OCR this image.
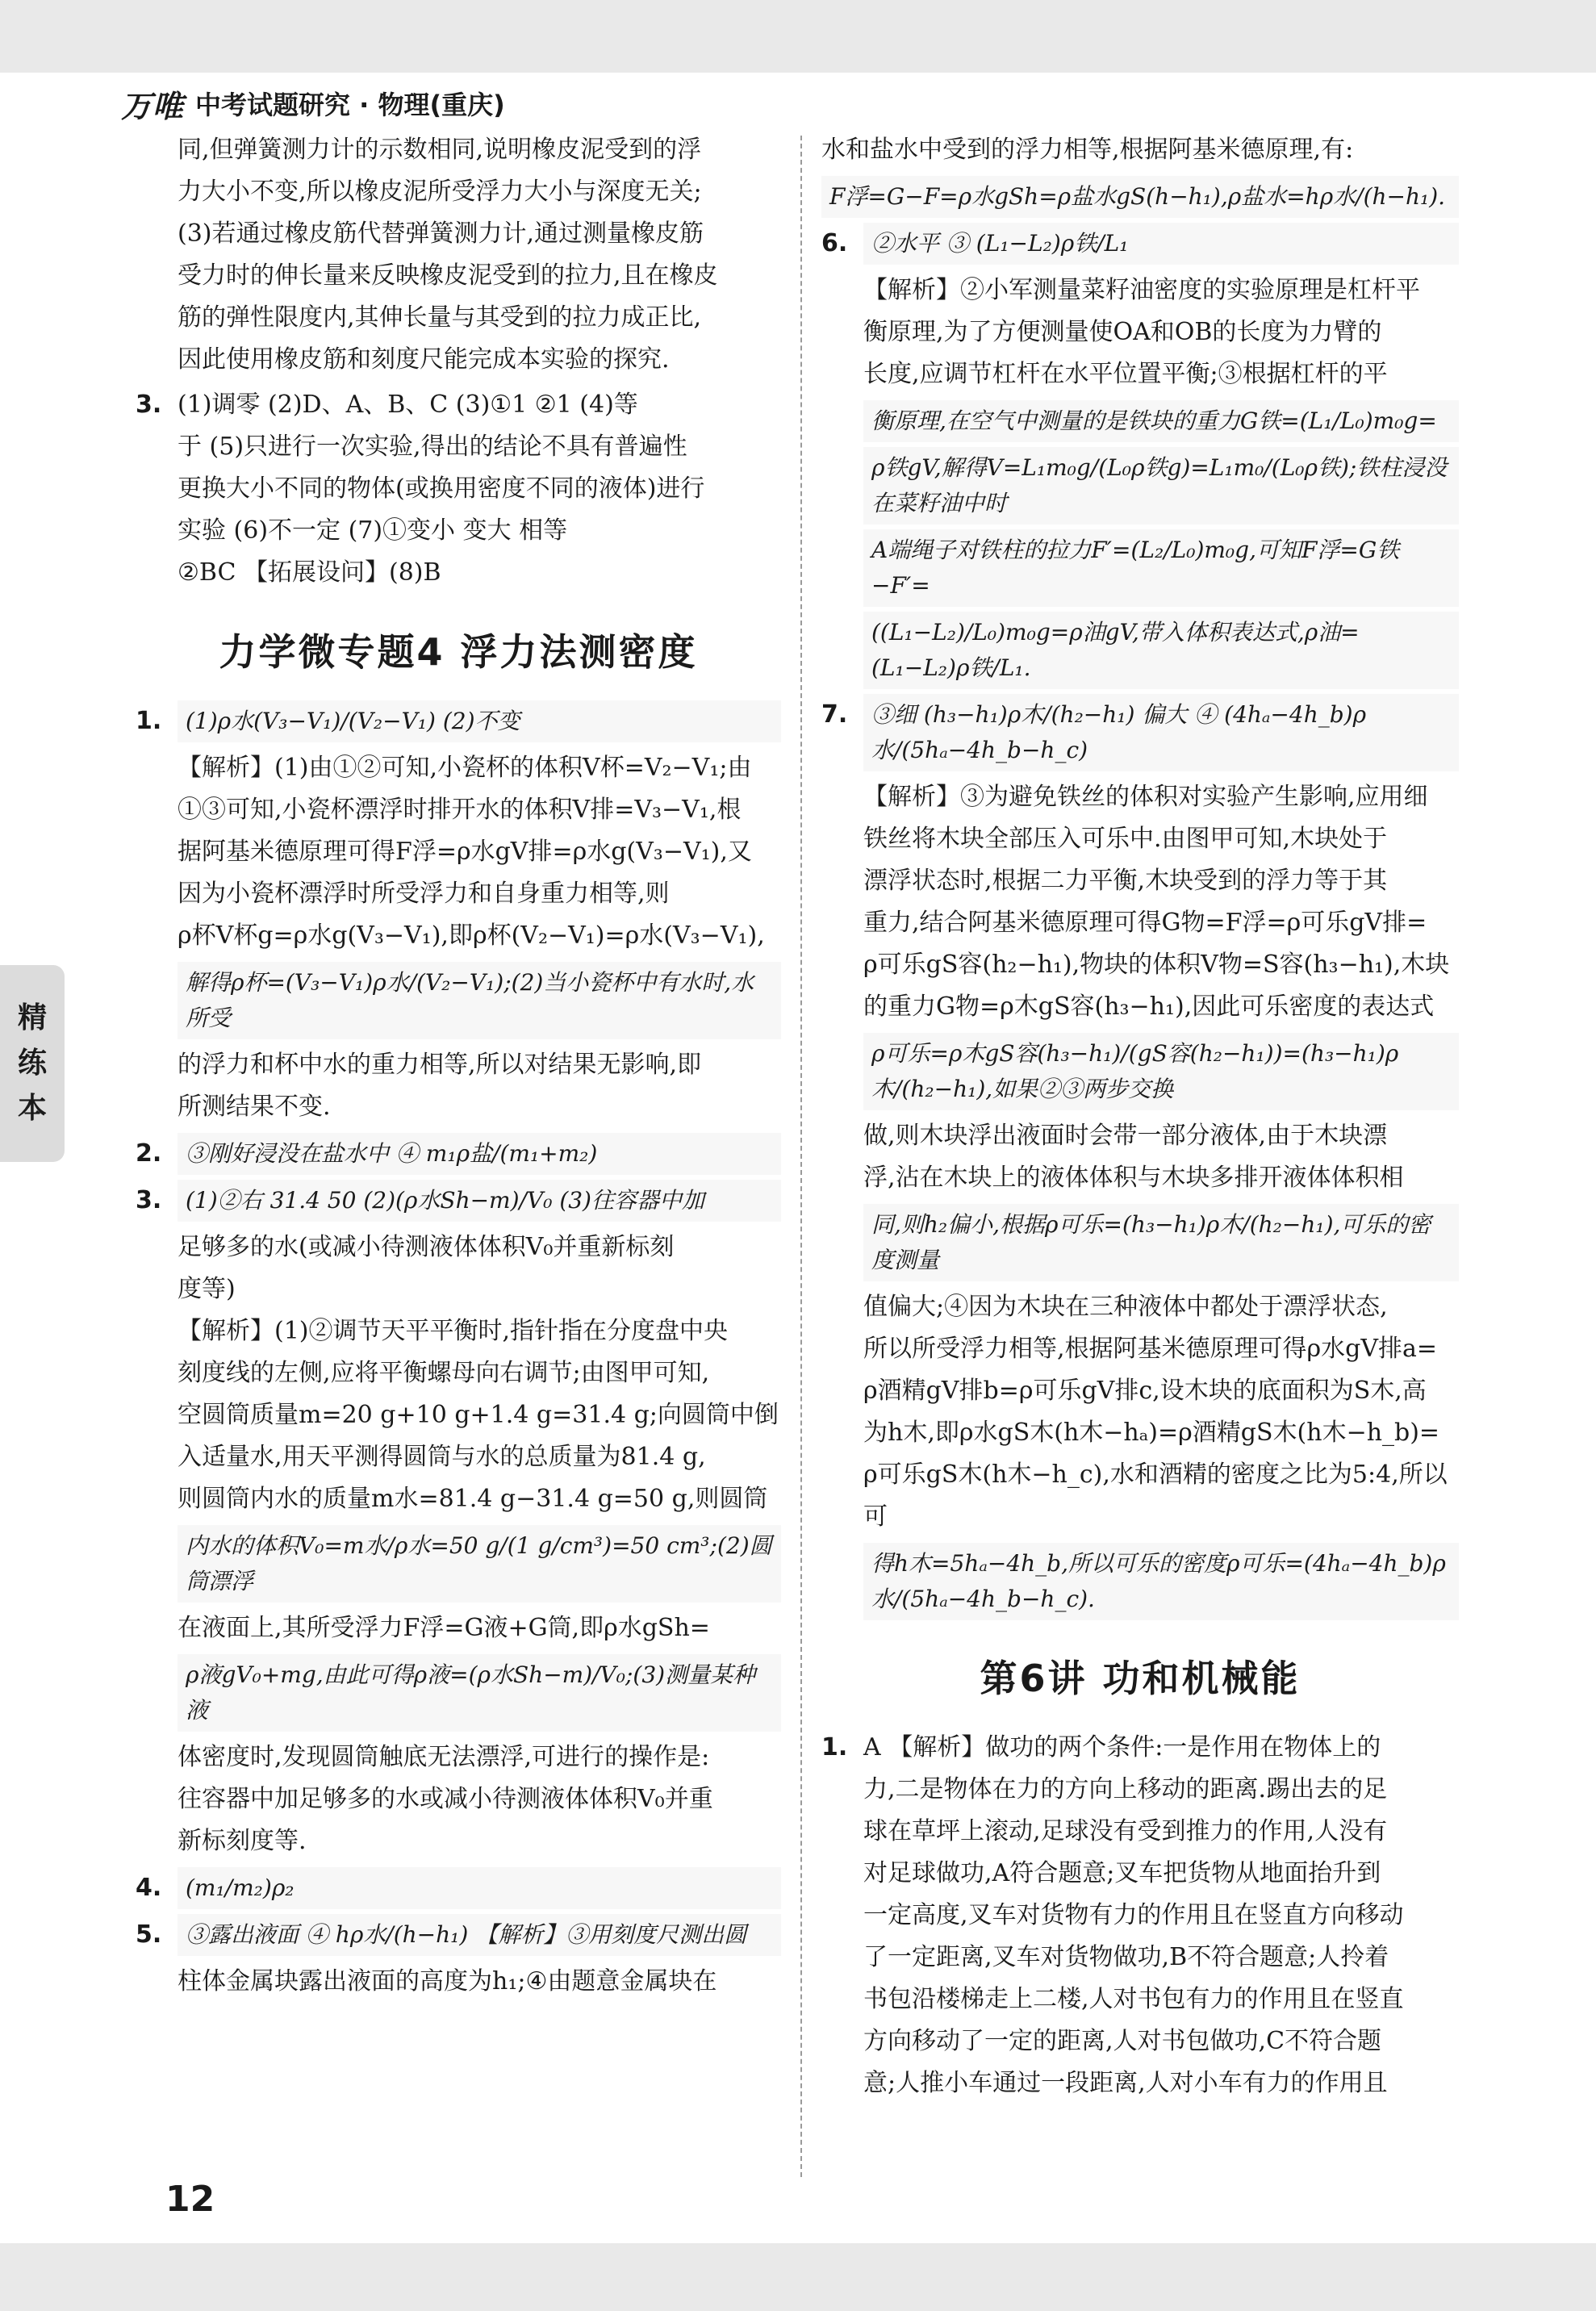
万唯 中考试题研究 · 物理(重庆)
精
练
本
同,但弹簧测力计的示数相同,说明橡皮泥受到的浮
力大小不变,所以橡皮泥所受浮力大小与深度无关;
(3)若通过橡皮筋代替弹簧测力计,通过测量橡皮筋
受力时的伸长量来反映橡皮泥受到的拉力,且在橡皮
筋的弹性限度内,其伸长量与其受到的拉力成正比,
因此使用橡皮筋和刻度尺能完成本实验的探究.
3. (1)调零 (2)D、A、B、C (3)①1 ②1 (4)等
于 (5)只进行一次实验,得出的结论不具有普遍性
更换大小不同的物体(或换用密度不同的液体)进行
实验 (6)不一定 (7)①变小 变大 相等
②BC 【拓展设问】(8)B
力学微专题4 浮力法测密度
1.	(1)ρ水(V₃−V₁)/(V₂−V₁) (2)不变
【解析】(1)由①②可知,小瓷杯的体积V杯=V₂−V₁;由
①③可知,小瓷杯漂浮时排开水的体积V排=V₃−V₁,根
据阿基米德原理可得F浮=ρ水gV排=ρ水g(V₃−V₁),又
因为小瓷杯漂浮时所受浮力和自身重力相等,则
ρ杯V杯g=ρ水g(V₃−V₁),即ρ杯(V₂−V₁)=ρ水(V₃−V₁),
解得ρ杯=(V₃−V₁)ρ水/(V₂−V₁);(2)当小瓷杯中有水时,水所受
的浮力和杯中水的重力相等,所以对结果无影响,即
所测结果不变.
2.	③刚好浸没在盐水中 ④ m₁ρ盐/(m₁+m₂)
3.	(1)②右 31.4 50 (2)(ρ水Sh−m)/V₀ (3)往容器中加
足够多的水(或减小待测液体体积V₀并重新标刻
度等)
【解析】(1)②调节天平平衡时,指针指在分度盘中央
刻度线的左侧,应将平衡螺母向右调节;由图甲可知,
空圆筒质量m=20 g+10 g+1.4 g=31.4 g;向圆筒中倒
入适量水,用天平测得圆筒与水的总质量为81.4 g,
则圆筒内水的质量m水=81.4 g−31.4 g=50 g,则圆筒
内水的体积V₀=m水/ρ水=50 g/(1 g/cm³)=50 cm³;(2)圆筒漂浮
在液面上,其所受浮力F浮=G液+G筒,即ρ水gSh=
ρ液gV₀+mg,由此可得ρ液=(ρ水Sh−m)/V₀;(3)测量某种液
体密度时,发现圆筒触底无法漂浮,可进行的操作是:
往容器中加足够多的水或减小待测液体体积V₀并重
新标刻度等.
4.	(m₁/m₂)ρ₂
5.	③露出液面 ④ hρ水/(h−h₁) 【解析】③用刻度尺测出圆
柱体金属块露出液面的高度为h₁;④由题意金属块在
水和盐水中受到的浮力相等,根据阿基米德原理,有:
F浮=G−F=ρ水gSh=ρ盐水gS(h−h₁),ρ盐水=hρ水/(h−h₁).
6.	②水平 ③ (L₁−L₂)ρ铁/L₁
【解析】②小军测量菜籽油密度的实验原理是杠杆平
衡原理,为了方便测量使OA和OB的长度为力臂的
长度,应调节杠杆在水平位置平衡;③根据杠杆的平
衡原理,在空气中测量的是铁块的重力G铁=(L₁/L₀)m₀g=
ρ铁gV,解得V=L₁m₀g/(L₀ρ铁g)=L₁m₀/(L₀ρ铁);铁柱浸没在菜籽油中时
A端绳子对铁柱的拉力F′=(L₂/L₀)m₀g,可知F浮=G铁−F′=
((L₁−L₂)/L₀)m₀g=ρ油gV,带入体积表达式,ρ油=(L₁−L₂)ρ铁/L₁.
7.	③细 (h₃−h₁)ρ木/(h₂−h₁) 偏大 ④ (4hₐ−4h_b)ρ水/(5hₐ−4h_b−h_c)
【解析】③为避免铁丝的体积对实验产生影响,应用细
铁丝将木块全部压入可乐中.由图甲可知,木块处于
漂浮状态时,根据二力平衡,木块受到的浮力等于其
重力,结合阿基米德原理可得G物=F浮=ρ可乐gV排=
ρ可乐gS容(h₂−h₁),物块的体积V物=S容(h₃−h₁),木块
的重力G物=ρ木gS容(h₃−h₁),因此可乐密度的表达式
ρ可乐=ρ木gS容(h₃−h₁)/(gS容(h₂−h₁))=(h₃−h₁)ρ木/(h₂−h₁),如果②③两步交换
做,则木块浮出液面时会带一部分液体,由于木块漂
浮,沾在木块上的液体体积与木块多排开液体体积相
同,则h₂偏小,根据ρ可乐=(h₃−h₁)ρ木/(h₂−h₁),可乐的密度测量
值偏大;④因为木块在三种液体中都处于漂浮状态,
所以所受浮力相等,根据阿基米德原理可得ρ水gV排a=
ρ酒精gV排b=ρ可乐gV排c,设木块的底面积为S木,高
为h木,即ρ水gS木(h木−hₐ)=ρ酒精gS木(h木−h_b)=
ρ可乐gS木(h木−h_c),水和酒精的密度之比为5:4,所以可
得h木=5hₐ−4h_b,所以可乐的密度ρ可乐=(4hₐ−4h_b)ρ水/(5hₐ−4h_b−h_c).
第6讲 功和机械能
1. A 【解析】做功的两个条件:一是作用在物体上的
力,二是物体在力的方向上移动的距离.踢出去的足
球在草坪上滚动,足球没有受到推力的作用,人没有
对足球做功,A符合题意;叉车把货物从地面抬升到
一定高度,叉车对货物有力的作用且在竖直方向移动
了一定距离,叉车对货物做功,B不符合题意;人拎着
书包沿楼梯走上二楼,人对书包有力的作用且在竖直
方向移动了一定的距离,人对书包做功,C不符合题
意;人推小车通过一段距离,人对小车有力的作用且
12
